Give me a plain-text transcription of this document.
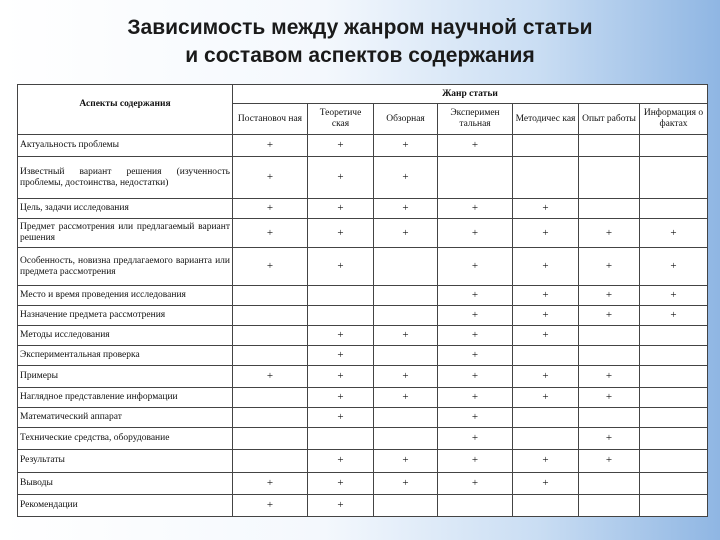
Зависимость между жанром научной статьи
и составом аспектов содержания
Аспекты содержания	Жанр статьи						
	Постановоч ная	Теоретиче ская	Обзорная	Эксперимен тальная	Методичес кая	Опыт работы	Информация о фактах
Актуальность проблемы	+	+	+	+			
Известный вариант решения (изученность проблемы, достоинства, недостатки)	+	+	+				
Цель, задачи исследования	+	+	+	+	+		
Предмет рассмотрения или предлагаемый вариант решения	+	+	+	+	+	+	+
Особенность, новизна предлагаемого варианта или предмета рассмотрения	+	+		+	+	+	+
Место и время проведения исследования				+	+	+	+
Назначение предмета рассмотрения				+	+	+	+
Методы исследования		+	+	+	+		
Экспериментальная проверка		+		+			
Примеры	+	+	+	+	+	+	
Наглядное представление информации		+	+	+	+	+	
Математический аппарат		+		+			
Технические средства, оборудование				+		+	
Результаты		+	+	+	+	+	
Выводы	+	+	+	+	+		
Рекомендации	+	+					
